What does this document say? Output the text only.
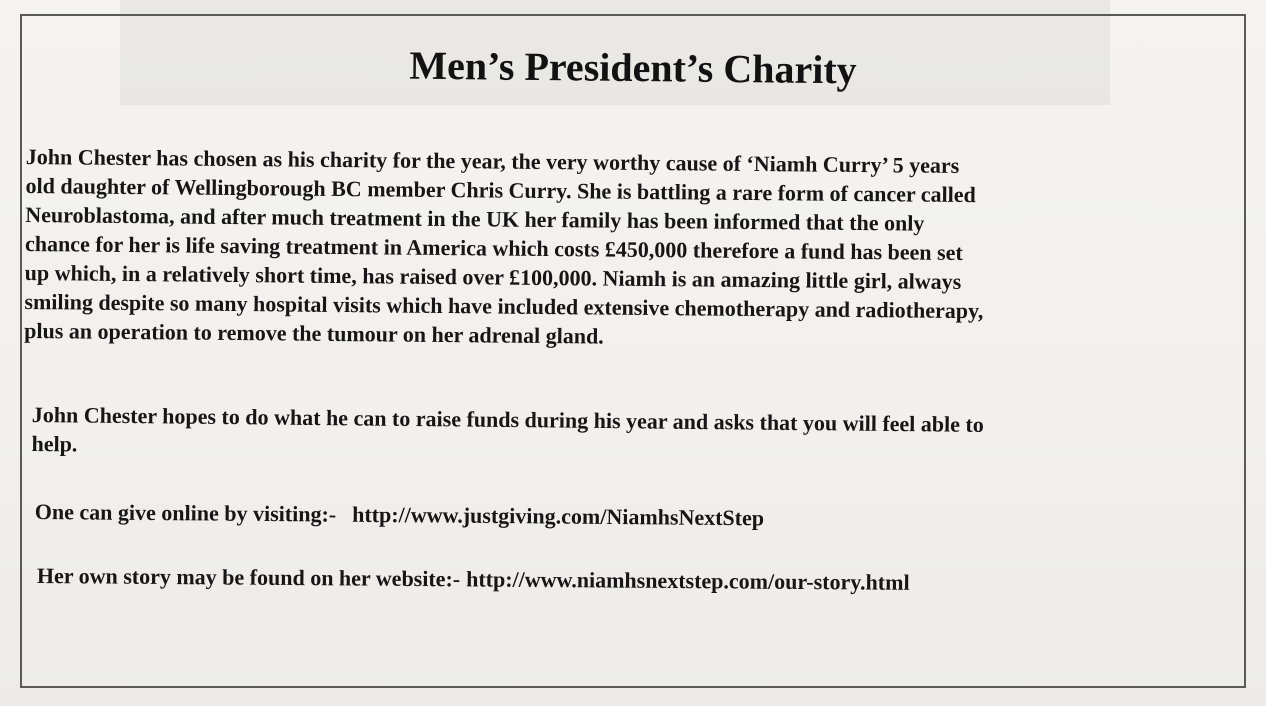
Men’s President’s Charity
John Chester has chosen as his charity for the year, the very worthy cause of ‘Niamh Curry’ 5 years
old daughter of Wellingborough BC member Chris Curry. She is battling a rare form of cancer called
Neuroblastoma, and after much treatment in the UK her family has been informed that the only
chance for her is life saving treatment in America which costs £450,000 therefore a fund has been set
up which, in a relatively short time, has raised over £100,000. Niamh is an amazing little girl, always
smiling despite so many hospital visits which have included extensive chemotherapy and radiotherapy,
plus an operation to remove the tumour on her adrenal gland.
John Chester hopes to do what he can to raise funds during his year and asks that you will feel able to
help.
One can give online by visiting:- http://www.justgiving.com/NiamhsNextStep
Her own story may be found on her website:- http://www.niamhsnextstep.com/our-story.html
